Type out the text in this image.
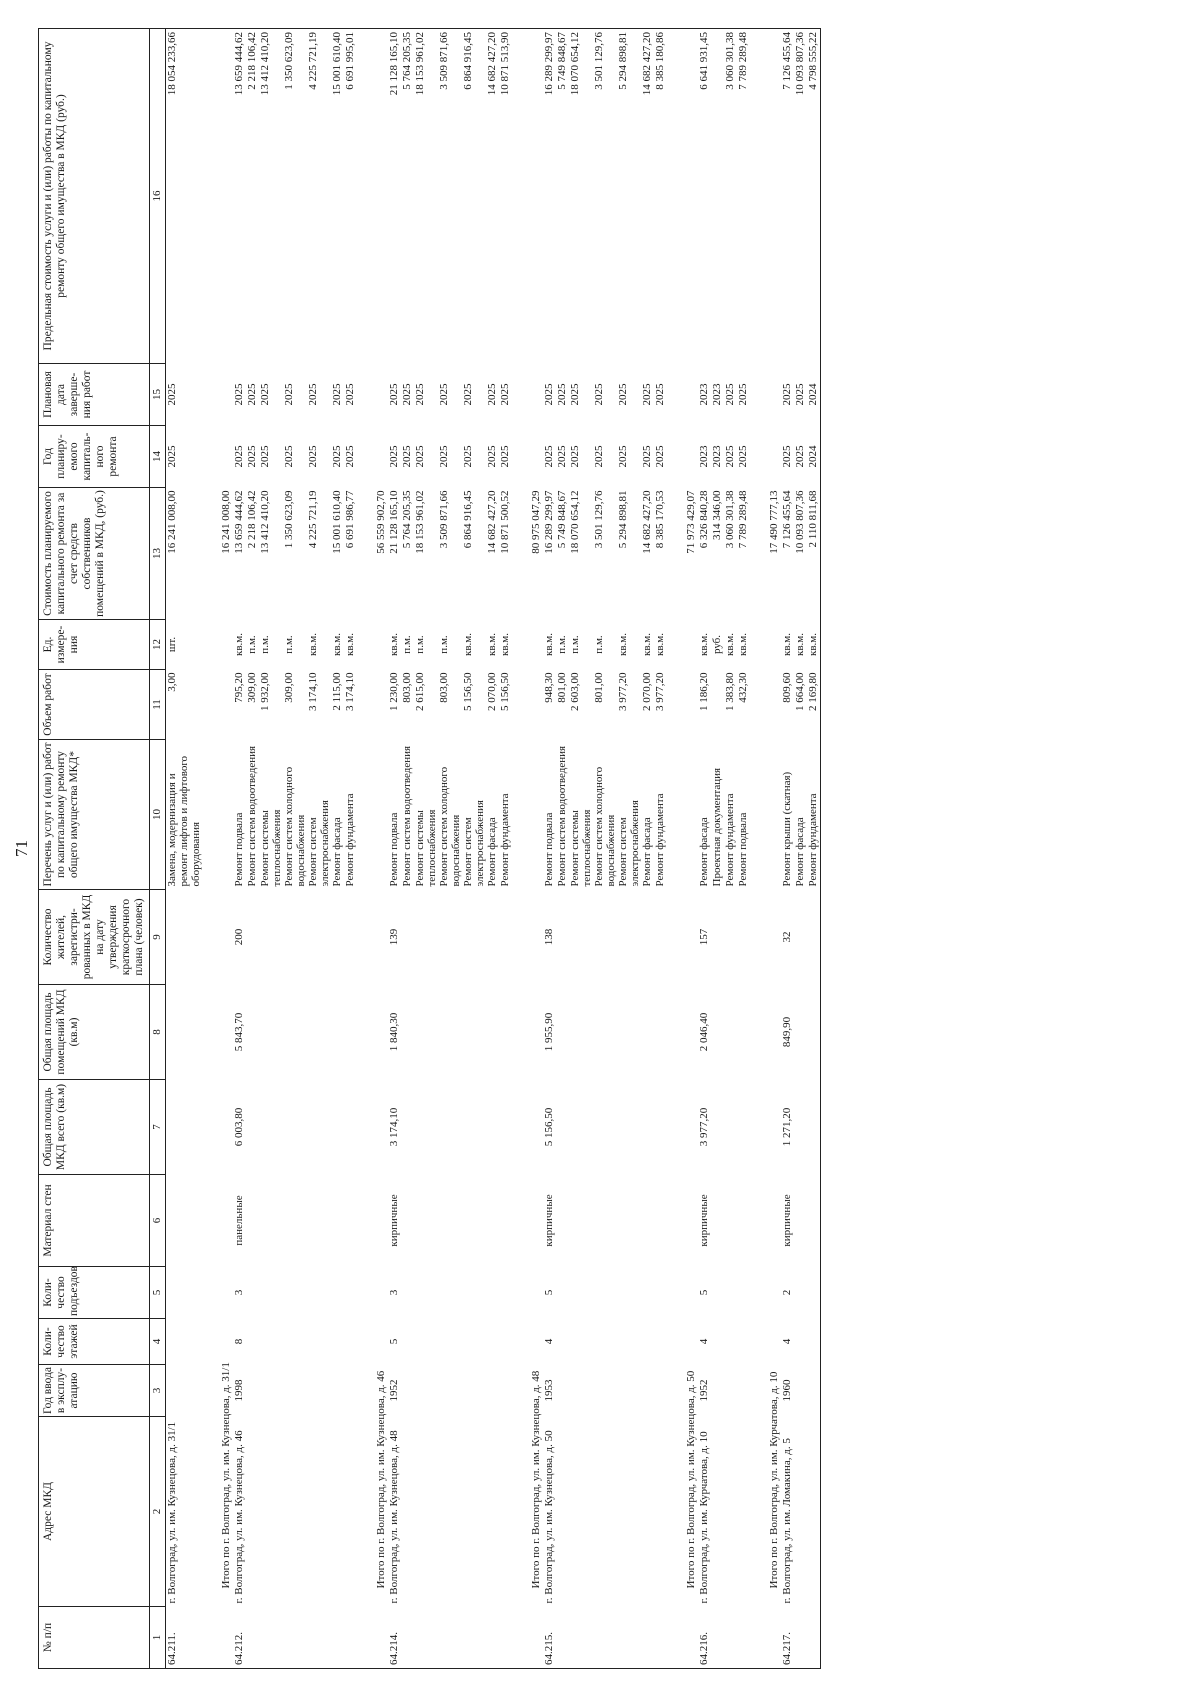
71
№ п/п	Адрес МКД	Год ввода в эксплу-атацию	Коли-чество этажей	Коли-чество подъездов	Материал стен	Общая площадь МКД всего (кв.м)	Общая площадь помещений МКД (кв.м)	Количество жителей, зарегистри-рованных в МКД на дату утверждения краткосрочного плана (человек)	Перечень услуг и (или) работ по капитальному ремонту общего имущества МКД*	Объем работ	Ед. измере-ния	Стоимость планируемого капитального ремонта за счет средств собственников помещений в МКД, (руб.)	Год планиру-емого капиталь-ного ремонта	Плановая дата заверше-ния работ	Предельная стоимость услуги и (или) работы по капитальному ремонту общего имущества в МКД (руб.)
1	2	3	4	5	6	7	8	9	10	11	12	13	14	15	16
64.211.	г. Волгоград, ул. им. Кузнецова, д. 31/1								Замена, модернизация и ремонт лифтов и лифтового оборудования	3,00	шт.	16 241 008,00	2025	2025	18 054 233,66

	Итого по г. Волгоград, ул. им. Кузнецова, д. 31/1											16 241 008,00			
64.212.	г. Волгоград, ул. им. Кузнецова, д. 46	1998	8	3	панельные	6 003,80	5 843,70	200	Ремонт подвала	795,20	кв.м.	13 659 444,62	2025	2025	13 659 444,62
									Ремонт систем водоотведения	309,00	п.м.	2 218 106,42	2025	2025	2 218 106,42
									Ремонт системы теплоснабжения	1 932,00	п.м.	13 412 410,20	2025	2025	13 412 410,20
									Ремонт систем холодного водоснабжения	309,00	п.м.	1 350 623,09	2025	2025	1 350 623,09
									Ремонт систем электроснабжения	3 174,10	кв.м.	4 225 721,19	2025	2025	4 225 721,19
									Ремонт фасада	2 115,00	кв.м.	15 001 610,40	2025	2025	15 001 610,40
									Ремонт фундамента	3 174,10	кв.м.	6 691 986,77	2025	2025	6 691 995,01

	Итого по г. Волгоград, ул. им. Кузнецова, д. 46											56 559 902,70			
64.214.	г. Волгоград, ул. им. Кузнецова, д. 48	1952	5	3	кирпичные	3 174,10	1 840,30	139	Ремонт подвала	1 230,00	кв.м.	21 128 165,10	2025	2025	21 128 165,10
									Ремонт систем водоотведения	803,00	п.м.	5 764 205,35	2025	2025	5 764 205,35
									Ремонт системы теплоснабжения	2 615,00	п.м.	18 153 961,02	2025	2025	18 153 961,02
									Ремонт систем холодного водоснабжения	803,00	п.м.	3 509 871,66	2025	2025	3 509 871,66
									Ремонт систем электроснабжения	5 156,50	кв.м.	6 864 916,45	2025	2025	6 864 916,45
									Ремонт фасада	2 070,00	кв.м.	14 682 427,20	2025	2025	14 682 427,20
									Ремонт фундамента	5 156,50	кв.м.	10 871 500,52	2025	2025	10 871 513,90

	Итого по г. Волгоград, ул. им. Кузнецова, д. 48											80 975 047,29			
64.215.	г. Волгоград, ул. им. Кузнецова, д. 50	1953	4	5	кирпичные	5 156,50	1 955,90	138	Ремонт подвала	948,30	кв.м.	16 289 299,97	2025	2025	16 289 299,97
									Ремонт систем водоотведения	801,00	п.м.	5 749 848,67	2025	2025	5 749 848,67
									Ремонт системы теплоснабжения	2 603,00	п.м.	18 070 654,12	2025	2025	18 070 654,12
									Ремонт систем холодного водоснабжения	801,00	п.м.	3 501 129,76	2025	2025	3 501 129,76
									Ремонт систем электроснабжения	3 977,20	кв.м.	5 294 898,81	2025	2025	5 294 898,81
									Ремонт фасада	2 070,00	кв.м.	14 682 427,20	2025	2025	14 682 427,20
									Ремонт фундамента	3 977,20	кв.м.	8 385 170,53	2025	2025	8 385 180,86

	Итого по г. Волгоград, ул. им. Кузнецова, д. 50											71 973 429,07			
64.216.	г. Волгоград, ул. им. Курчатова, д. 10	1952	4	5	кирпичные	3 977,20	2 046,40	157	Ремонт фасада	1 186,20	кв.м.	6 326 840,28	2023	2023	6 641 931,45
									Проектная документация		руб.	314 346,00	2023	2023	
									Ремонт фундамента	1 383,80	кв.м.	3 060 301,38	2025	2025	3 060 301,38
									Ремонт подвала	432,30	кв.м.	7 789 289,48	2025	2025	7 789 289,48

	Итого по г. Волгоград, ул. им. Курчатова, д. 10											17 490 777,13			
64.217.	г. Волгоград, ул. им. Ломакина, д. 5	1960	4	2	кирпичные	1 271,20	849,90	32	Ремонт крыши (скатная)	809,60	кв.м.	7 126 455,64	2025	2025	7 126 455,64
									Ремонт фасада	1 664,00	кв.м.	10 093 807,36	2025	2025	10 093 807,36
									Ремонт фундамента	2 169,80	кв.м.	2 110 811,68	2024	2024	4 798 555,22
